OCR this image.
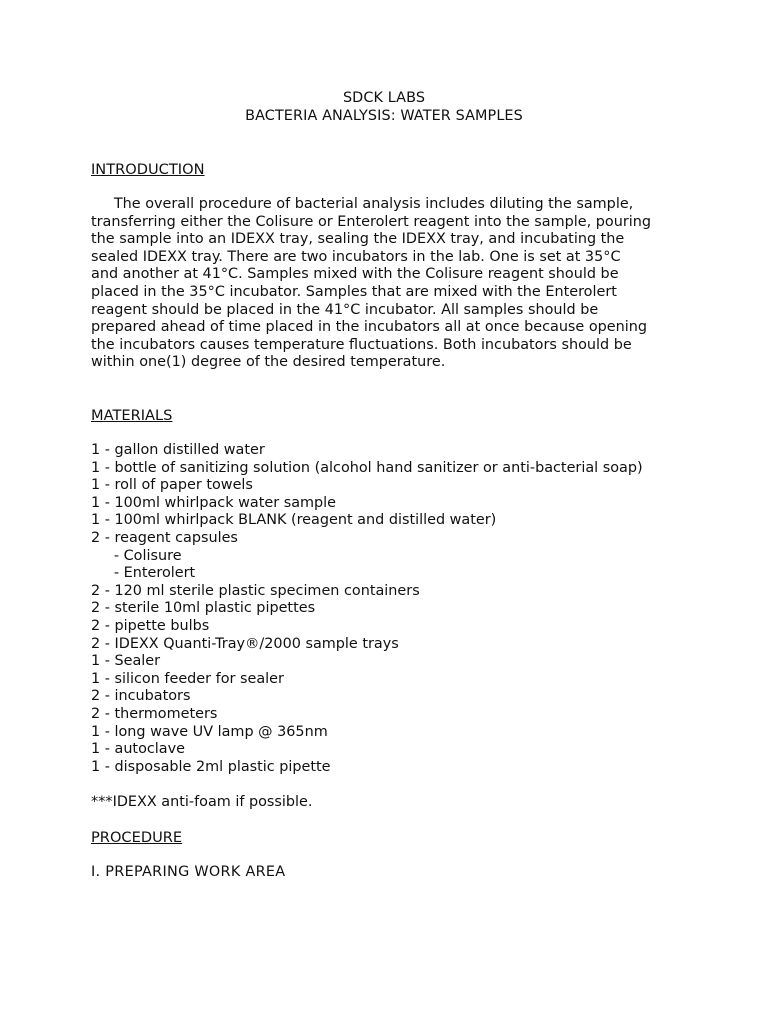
SDCK LABS
BACTERIA ANALYSIS: WATER SAMPLES
INTRODUCTION
The overall procedure of bacterial analysis includes diluting the sample,
transferring either the Colisure or Enterolert reagent into the sample, pouring
the sample into an IDEXX tray, sealing the IDEXX tray, and incubating the
sealed IDEXX tray. There are two incubators in the lab. One is set at 35°C
and another at 41°C. Samples mixed with the Colisure reagent should be
placed in the 35°C incubator. Samples that are mixed with the Enterolert
reagent should be placed in the 41°C incubator. All samples should be
prepared ahead of time placed in the incubators all at once because opening
the incubators causes temperature fluctuations. Both incubators should be
within one(1) degree of the desired temperature.
MATERIALS
1 - gallon distilled water
1 - bottle of sanitizing solution (alcohol hand sanitizer or anti-bacterial soap)
1 - roll of paper towels
1 - 100ml whirlpack water sample
1 - 100ml whirlpack BLANK (reagent and distilled water)
2 - reagent capsules
- Colisure
- Enterolert
2 - 120 ml sterile plastic specimen containers
2 - sterile 10ml plastic pipettes
2 - pipette bulbs
2 - IDEXX Quanti-Tray®/2000 sample trays
1 - Sealer
1 - silicon feeder for sealer
2 - incubators
2 - thermometers
1 - long wave UV lamp @ 365nm
1 - autoclave
1 - disposable 2ml plastic pipette
***IDEXX anti-foam if possible.
PROCEDURE
I. PREPARING WORK AREA
